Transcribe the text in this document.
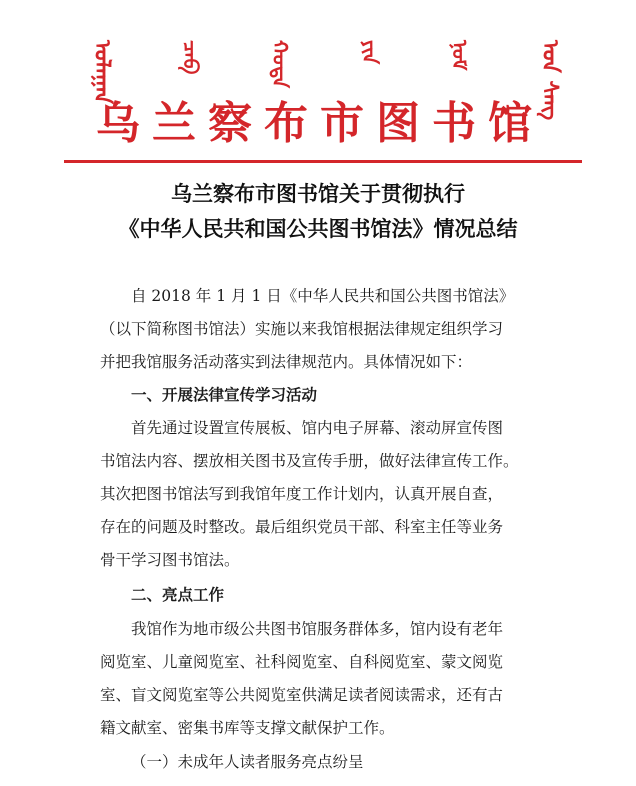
ᠤᠯᠠᠭᠠᠨ	ᠴᠠᠪ	ᠬᠣᠲᠠ	ᠶᠢᠨ	ᠨᠣᠮ	ᠤᠨ ᠰᠠᠩ
乌兰察布市图书馆
乌兰察布市图书馆关于贯彻执行
《中华人民共和国公共图书馆法》情况总结
自 2018 年 1 月 1 日《中华人民共和国公共图书馆法》
（以下简称图书馆法）实施以来我馆根据法律规定组织学习
并把我馆服务活动落实到法律规范内。具体情况如下：
一、开展法律宣传学习活动
首先通过设置宣传展板、馆内电子屏幕、滚动屏宣传图
书馆法内容、摆放相关图书及宣传手册，做好法律宣传工作。
其次把图书馆法写到我馆年度工作计划内，认真开展自查，
存在的问题及时整改。最后组织党员干部、科室主任等业务
骨干学习图书馆法。
二、亮点工作
我馆作为地市级公共图书馆服务群体多，馆内设有老年
阅览室、儿童阅览室、社科阅览室、自科阅览室、蒙文阅览
室、盲文阅览室等公共阅览室供满足读者阅读需求，还有古
籍文献室、密集书库等支撑文献保护工作。
（一）未成年人读者服务亮点纷呈
